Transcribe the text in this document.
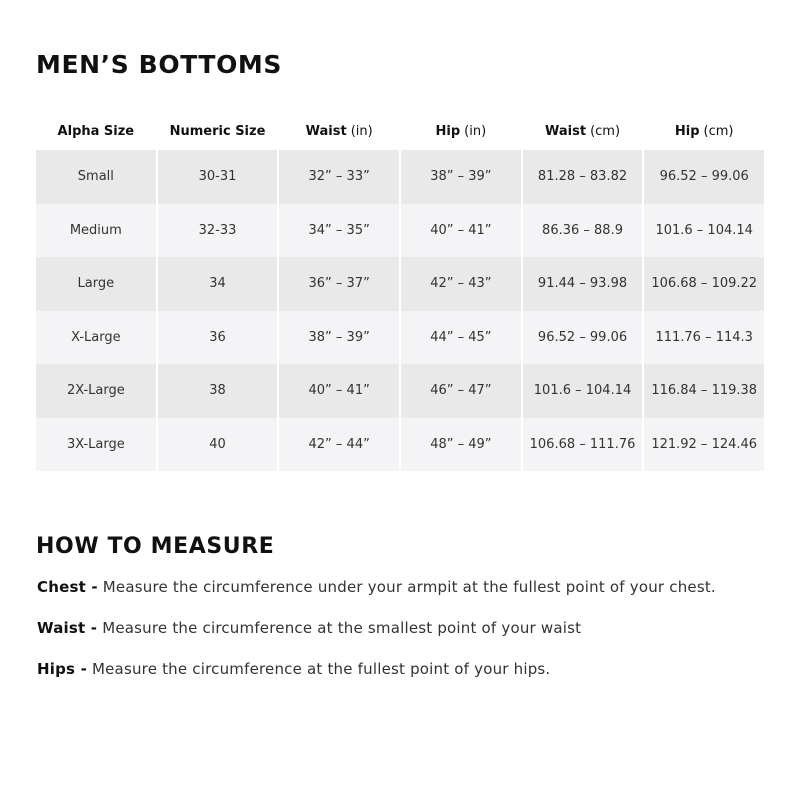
MEN’S BOTTOMS
Alpha Size	Numeric Size	Waist (in)	Hip (in)	Waist (cm)	Hip (cm)
Small	30-31	32” – 33”	38” – 39”	81.28 – 83.82	96.52 – 99.06
Medium	32-33	34” – 35”	40” – 41”	86.36 – 88.9	101.6 – 104.14
Large	34	36” – 37”	42” – 43”	91.44 – 93.98	106.68 – 109.22
X-Large	36	38” – 39”	44” – 45”	96.52 – 99.06	111.76 – 114.3
2X-Large	38	40” – 41”	46” – 47”	101.6 – 104.14	116.84 – 119.38
3X-Large	40	42” – 44”	48” – 49”	106.68 – 111.76	121.92 – 124.46
HOW TO MEASURE
Chest - Measure the circumference under your armpit at the fullest point of your chest.
Waist - Measure the circumference at the smallest point of your waist
Hips - Measure the circumference at the fullest point of your hips.
